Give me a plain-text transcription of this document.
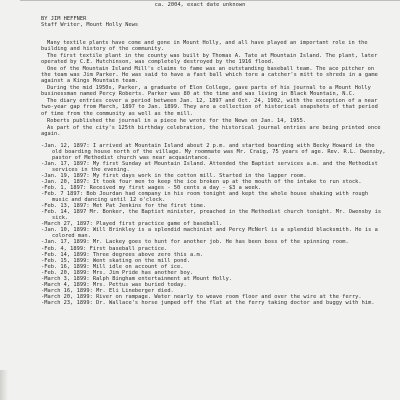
ca. 2004, exact date unknown
BY JIM HEFFNER
Staff Writer, Mount Holly News

Many textile plants have come and gone in Mount Holly, and all have played an important role in the building and history of the community.

The first textile plant in the county was built by Thomas A. Tate at Mountain Island. The plant, later operated by C.E. Hutchinson, was completely destroyed by the 1916 flood.

One of the Mountain Island Mill's claims to fame was an outstanding baseball team. The ace pitcher on the team was Jim Parker. He was said to have a fast ball which tore a catcher's mitt to shreds in a game against a Kings Mountain team.

During the mid 1950s, Parker, a graduate of Elon College, gave parts of his journal to a Mount Holly businessman named Percy Roberts. Parker was 80 at the time and was living in Black Mountain, N.C.

The diary entries cover a period between Jan. 12, 1897 and Oct. 24, 1902, with the exception of a near two-year gap from March, 1897 to Jan. 1899. They are a collection of historical snapshots of that period of time from the community as well as the mill.

Roberts published the journal in a piece he wrote for the News on Jan. 14, 1955.

As part of the city's 125th birthday celebration, the historical journal entries are being printed once again.

-Jan. 12, 1897: I arrived at Mountain Island about 2 p.m. and started boarding with Becky Howard in the old boarding house north of the village. My roommate was Mr. Craig, 75 years of age. Rev. R.L. Owensby, pastor of Methodist church was near acquaintance.

-Jan. 17, 1897: My first Sunday at Mountain Island. Attended the Baptist services a.m. and the Methodist services in the evening.

-Jan. 19, 1897: My first days work in the cotton mill. Started in the lapper room.

-Jan. 20, 1897: It took four men to keep the ice broken up at the mouth of the intake to run stock.

-Feb. 1, 1897: Received my first wages - 50 cents a day - $3 a week.

-Feb. 7 1897: Bob Jourdan had company in his room tonight and kept the whole house shaking with rough music and dancing until 12 o'clock.

-Feb. 13, 1897: Met Pat Jenkins for the first time.

-Feb. 14, 1897 Mr. Bonker, the Baptist minister, preached in the Methodist church tonight. Mr. Owensby is sick.

-March 27, 1897: Played first practice game of baseball.

-Jan. 10, 1899: Will Brinkley is a splendid machinist and Percy McNerl is a splendid blacksmith. He is a colored man.

-Jan. 17, 1899: Mr. Lackey goes to hunt for another job. He has been boss of the spinning room.

-Feb. 4, 1899: First baseball practice.

-Feb. 14, 1899: Three degrees above zero this a.m.

-Feb. 15, 1899: Went skating on the mill pond.

-Feb. 16, 1899: Mill idle on account of ice.

-Feb. 20, 1899: Mrs. Jim Pride has another boy.

-March 3, 1899: Ralph Bingham entertainment at Mount Holly.

-March 4, 1899: Mrs. Pettus was buried today.

-March 16, 1899: Mr. Eli Lineberger died.

-March 20, 1899: River on rampage. Water nearly to weave room floor and over the wire at the ferry.

-March 23, 1899: Dr. Wallace's horse jumped off the flat at the ferry taking doctor and buggy with him.
